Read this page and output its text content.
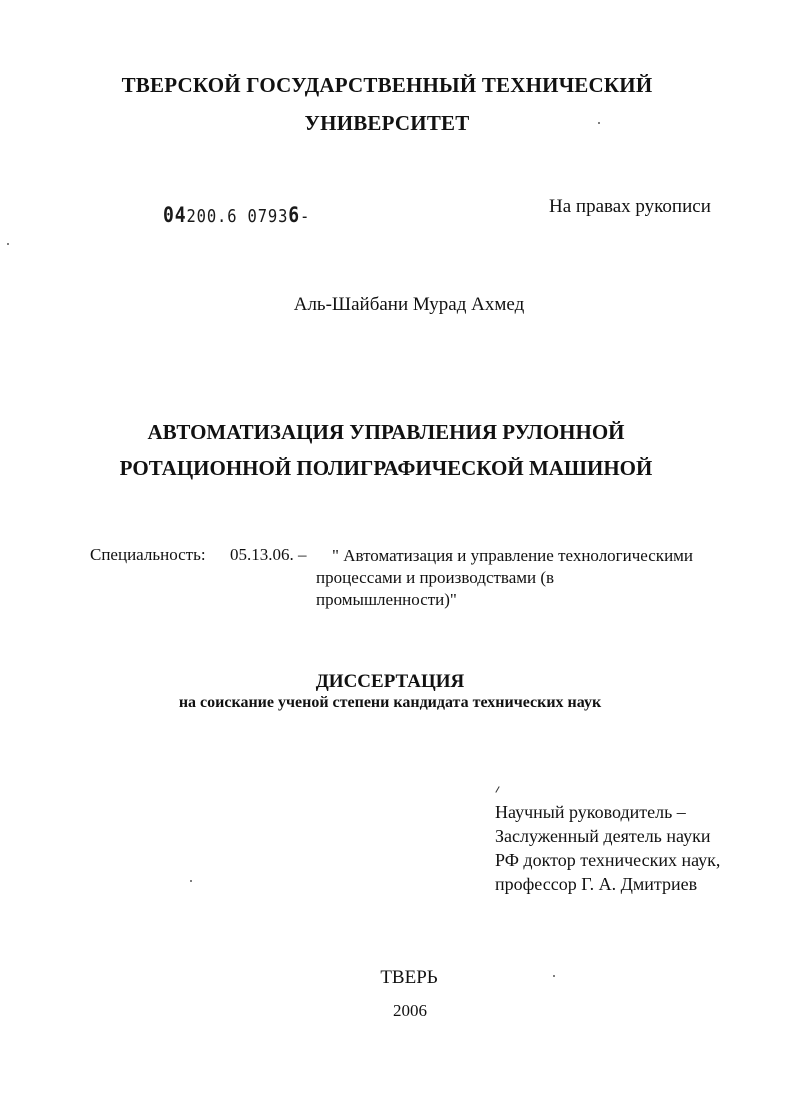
ТВЕРСКОЙ ГОСУДАРСТВЕННЫЙ ТЕХНИЧЕСКИЙ
УНИВЕРСИТЕТ
04200.6 07936-	На правах рукописи
Аль-Шайбани Мурад Ахмед
АВТОМАТИЗАЦИЯ УПРАВЛЕНИЯ РУЛОННОЙ
РОТАЦИОННОЙ ПОЛИГРАФИЧЕСКОЙ МАШИНОЙ
Специальность: 05.13.06. –	" Автоматизация и управление технологическими
процессами и производствами (в
промышленности)"
ДИССЕРТАЦИЯ
на соискание ученой степени кандидата технических наук
Научный руководитель –
Заслуженный деятель науки
РФ доктор технических наук,
профессор Г. А. Дмитриев
ТВЕРЬ
2006
